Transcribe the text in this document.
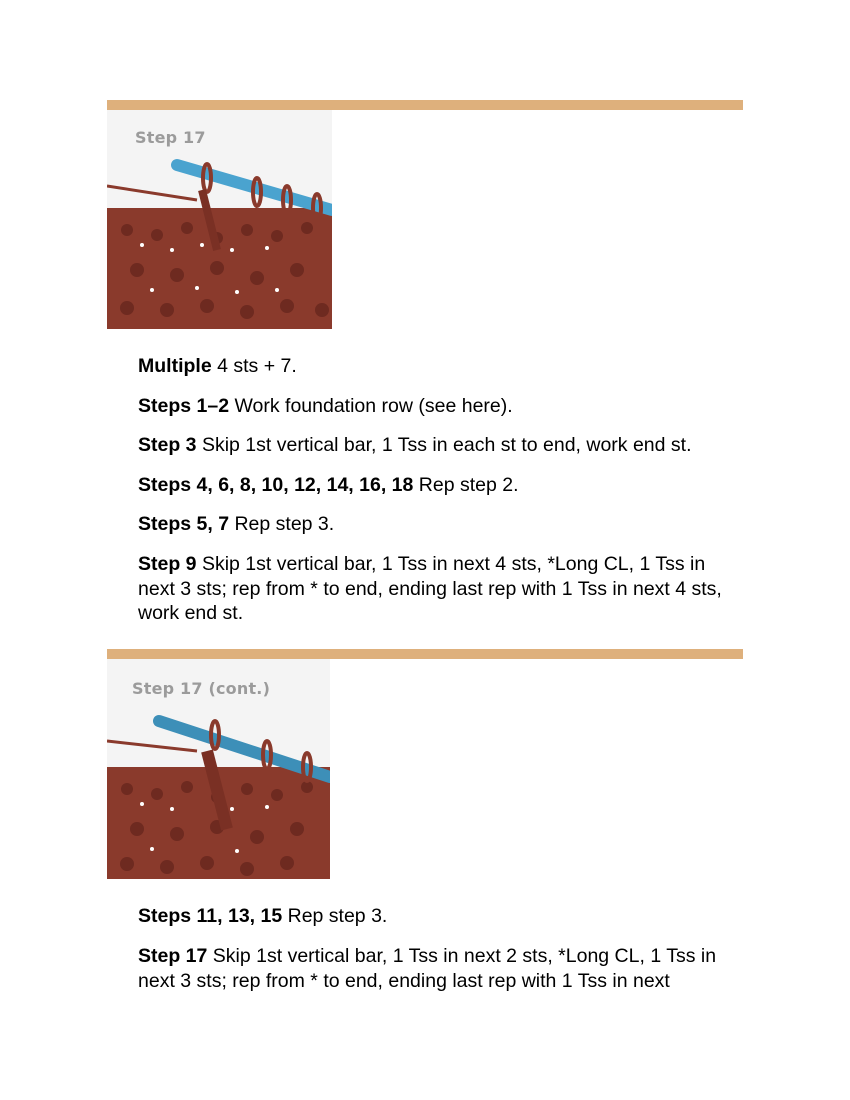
Step 17

Multiple 4 sts + 7.

Steps 1–2 Work foundation row (see here).

Step 3 Skip 1st vertical bar, 1 Tss in each st to end, work end st.

Steps 4, 6, 8, 10, 12, 14, 16, 18 Rep step 2.

Steps 5, 7 Rep step 3.

Step 9 Skip 1st vertical bar, 1 Tss in next 4 sts, *Long CL, 1 Tss in next 3 sts; rep from * to end, ending last rep with 1 Tss in next 4 sts, work end st.

Step 17 (cont.)

Steps 11, 13, 15 Rep step 3.

Step 17 Skip 1st vertical bar, 1 Tss in next 2 sts, *Long CL, 1 Tss in next 3 sts; rep from * to end, ending last rep with 1 Tss in next
